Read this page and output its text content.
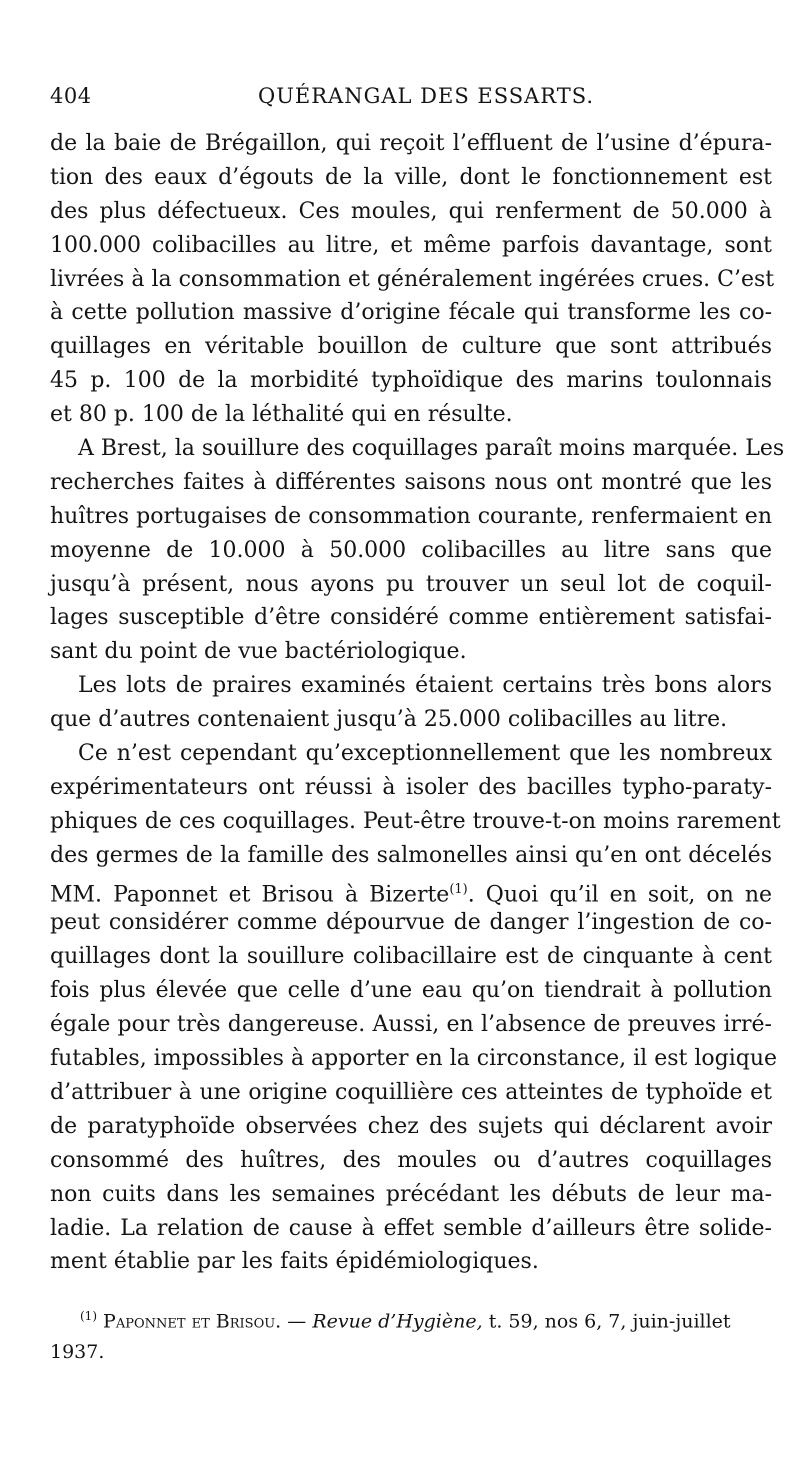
404	QUÉRANGAL DES ESSARTS.
de la baie de Brégaillon, qui reçoit l’effluent de l’usine d’épura-
tion des eaux d’égouts de la ville, dont le fonctionnement est
des plus défectueux. Ces moules, qui renferment de 50.000 à
100.000 colibacilles au litre, et même parfois davantage, sont
livrées à la consommation et généralement ingérées crues. C’est
à cette pollution massive d’origine fécale qui transforme les co-
quillages en véritable bouillon de culture que sont attribués
45 p. 100 de la morbidité typhoïdique des marins toulonnais
et 80 p. 100 de la léthalité qui en résulte.
A Brest, la souillure des coquillages paraît moins marquée. Les
recherches faites à différentes saisons nous ont montré que les
huîtres portugaises de consommation courante, renfermaient en
moyenne de 10.000 à 50.000 colibacilles au litre sans que
jusqu’à présent, nous ayons pu trouver un seul lot de coquil-
lages susceptible d’être considéré comme entièrement satisfai-
sant du point de vue bactériologique.
Les lots de praires examinés étaient certains très bons alors
que d’autres contenaient jusqu’à 25.000 colibacilles au litre.
Ce n’est cependant qu’exceptionnellement que les nombreux
expérimentateurs ont réussi à isoler des bacilles typho-paraty-
phiques de ces coquillages. Peut-être trouve-t-on moins rarement
des germes de la famille des salmonelles ainsi qu’en ont décelés
MM. Paponnet et Brisou à Bizerte$^{(1)}$. Quoi qu’il en soit, on ne
peut considérer comme dépourvue de danger l’ingestion de co-
quillages dont la souillure colibacillaire est de cinquante à cent
fois plus élevée que celle d’une eau qu’on tiendrait à pollution
égale pour très dangereuse. Aussi, en l’absence de preuves irré-
futables, impossibles à apporter en la circonstance, il est logique
d’attribuer à une origine coquillière ces atteintes de typhoïde et
de paratyphoïde observées chez des sujets qui déclarent avoir
consommé des huîtres, des moules ou d’autres coquillages
non cuits dans les semaines précédant les débuts de leur ma-
ladie. La relation de cause à effet semble d’ailleurs être solide-
ment établie par les faits épidémiologiques.
$^{(1)}$ Paponnet et Brisou. — Revue d’Hygiène, t. 59, nos 6, 7, juin-juillet
1937.
